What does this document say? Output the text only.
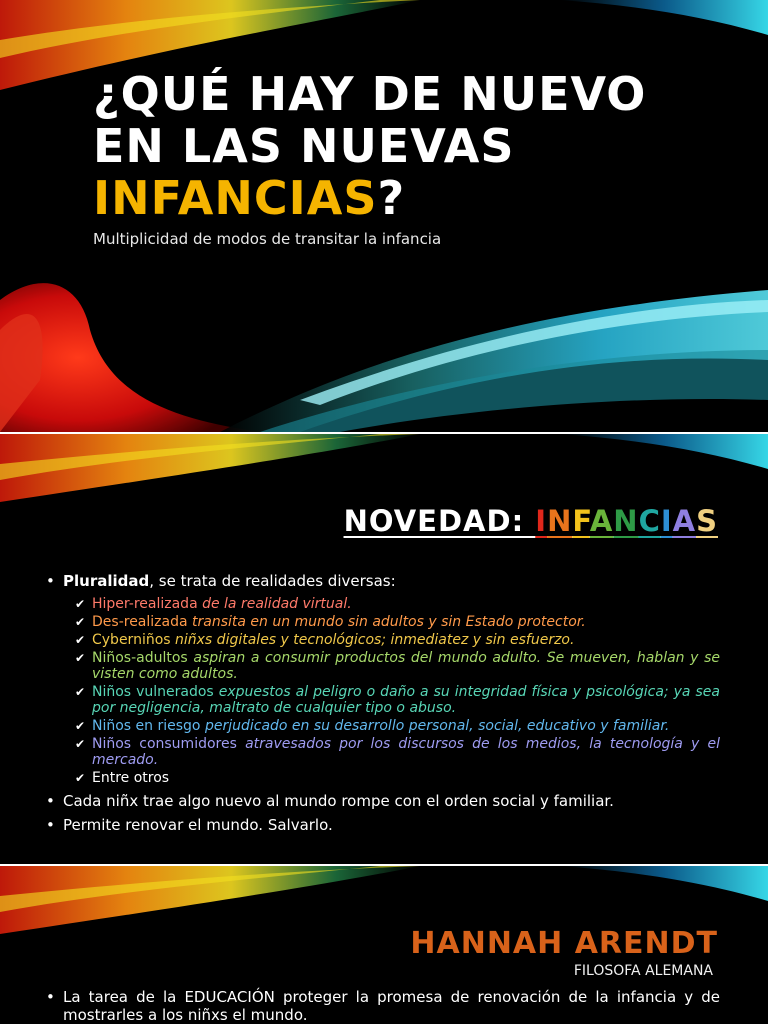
¿QUÉ HAY DE NUEVO
EN LAS NUEVAS
INFANCIAS?
Multiplicidad de modos de transitar la infancia
NOVEDAD: INFANCIAS
• Pluralidad, se trata de realidades diversas:
✔ Hiper-realizada de la realidad virtual.
✔ Des-realizada transita en un mundo sin adultos y sin Estado protector.
✔ Cyberniños niñxs digitales y tecnológicos; inmediatez y sin esfuerzo.
✔ Niños-adultos aspiran a consumir productos del mundo adulto. Se mueven, hablan y se visten como adultos.
✔ Niños vulnerados expuestos al peligro o daño a su integridad física y psicológica; ya sea por negligencia, maltrato de cualquier tipo o abuso.
✔ Niños en riesgo perjudicado en su desarrollo personal, social, educativo y familiar.
✔ Niños consumidores atravesados por los discursos de los medios, la tecnología y el mercado.
✔ Entre otros
• Cada niñx trae algo nuevo al mundo rompe con el orden social y familiar.
• Permite renovar el mundo. Salvarlo.
HANNAH ARENDT
FILOSOFA ALEMANA
• La tarea de la EDUCACIÓN proteger la promesa de renovación de la infancia y de mostrarles a los niñxs el mundo.
